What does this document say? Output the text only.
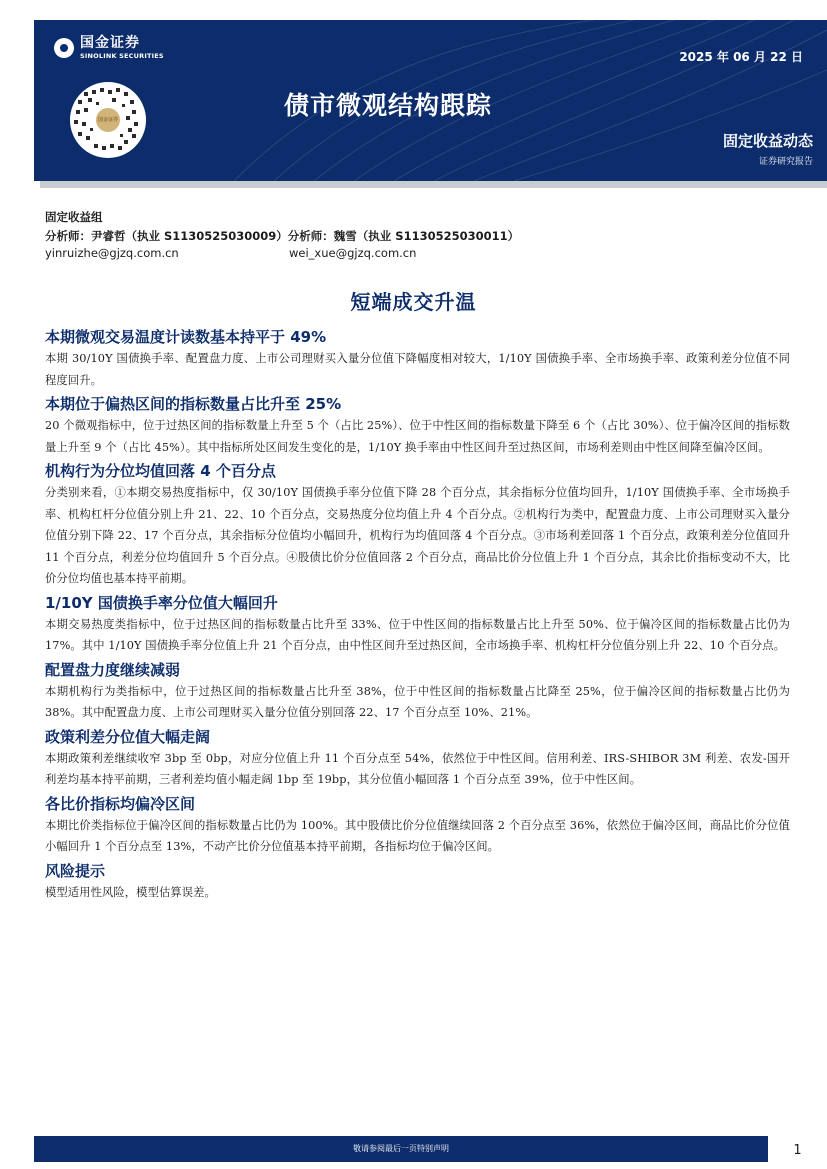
国金证券
SINOLINK SECURITIES
国金证券
2025 年 06 月 22 日
债市微观结构跟踪
固定收益动态
证券研究报告
固定收益组
分析师：尹睿哲（执业 S1130525030009）分析师：魏雪（执业 S1130525030011）
yinruizhe@gjzq.com.cn	wei_xue@gjzq.com.cn
短端成交升温
本期微观交易温度计读数基本持平于 49%

本期 30/10Y 国债换手率、配置盘力度、上市公司理财买入量分位值下降幅度相对较大，1/10Y 国债换手率、全市场换手率、政策利差分位值不同程度回升。

本期位于偏热区间的指标数量占比升至 25%

20 个微观指标中，位于过热区间的指标数量上升至 5 个（占比 25%）、位于中性区间的指标数量下降至 6 个（占比 30%）、位于偏冷区间的指标数量上升至 9 个（占比 45%）。其中指标所处区间发生变化的是，1/10Y 换手率由中性区间升至过热区间，市场利差则由中性区间降至偏冷区间。

机构行为分位均值回落 4 个百分点

分类别来看，①本期交易热度指标中，仅 30/10Y 国债换手率分位值下降 28 个百分点，其余指标分位值均回升，1/10Y 国债换手率、全市场换手率、机构杠杆分位值分别上升 21、22、10 个百分点，交易热度分位均值上升 4 个百分点。②机构行为类中，配置盘力度、上市公司理财买入量分位值分别下降 22、17 个百分点，其余指标分位值均小幅回升，机构行为均值回落 4 个百分点。③市场利差回落 1 个百分点，政策利差分位值回升 11 个百分点，利差分位均值回升 5 个百分点。④股债比价分位值回落 2 个百分点，商品比价分位值上升 1 个百分点，其余比价指标变动不大，比价分位均值也基本持平前期。

1/10Y 国债换手率分位值大幅回升

本期交易热度类指标中，位于过热区间的指标数量占比升至 33%、位于中性区间的指标数量占比上升至 50%、位于偏冷区间的指标数量占比仍为 17%。其中 1/10Y 国债换手率分位值上升 21 个百分点，由中性区间升至过热区间，全市场换手率、机构杠杆分位值分别上升 22、10 个百分点。

配置盘力度继续减弱

本期机构行为类指标中，位于过热区间的指标数量占比升至 38%，位于中性区间的指标数量占比降至 25%，位于偏冷区间的指标数量占比仍为 38%。其中配置盘力度、上市公司理财买入量分位值分别回落 22、17 个百分点至 10%、21%。

政策利差分位值大幅走阔

本期政策利差继续收窄 3bp 至 0bp，对应分位值上升 11 个百分点至 54%，依然位于中性区间。信用利差、IRS-SHIBOR 3M 利差、农发-国开利差均基本持平前期，三者利差均值小幅走阔 1bp 至 19bp，其分位值小幅回落 1 个百分点至 39%，位于中性区间。

各比价指标均偏冷区间

本期比价类指标位于偏冷区间的指标数量占比仍为 100%。其中股债比价分位值继续回落 2 个百分点至 36%，依然位于偏冷区间，商品比价分位值小幅回升 1 个百分点至 13%，不动产比价分位值基本持平前期，各指标均位于偏冷区间。

风险提示

模型适用性风险，模型估算误差。

敬请参阅最后一页特别声明	1
